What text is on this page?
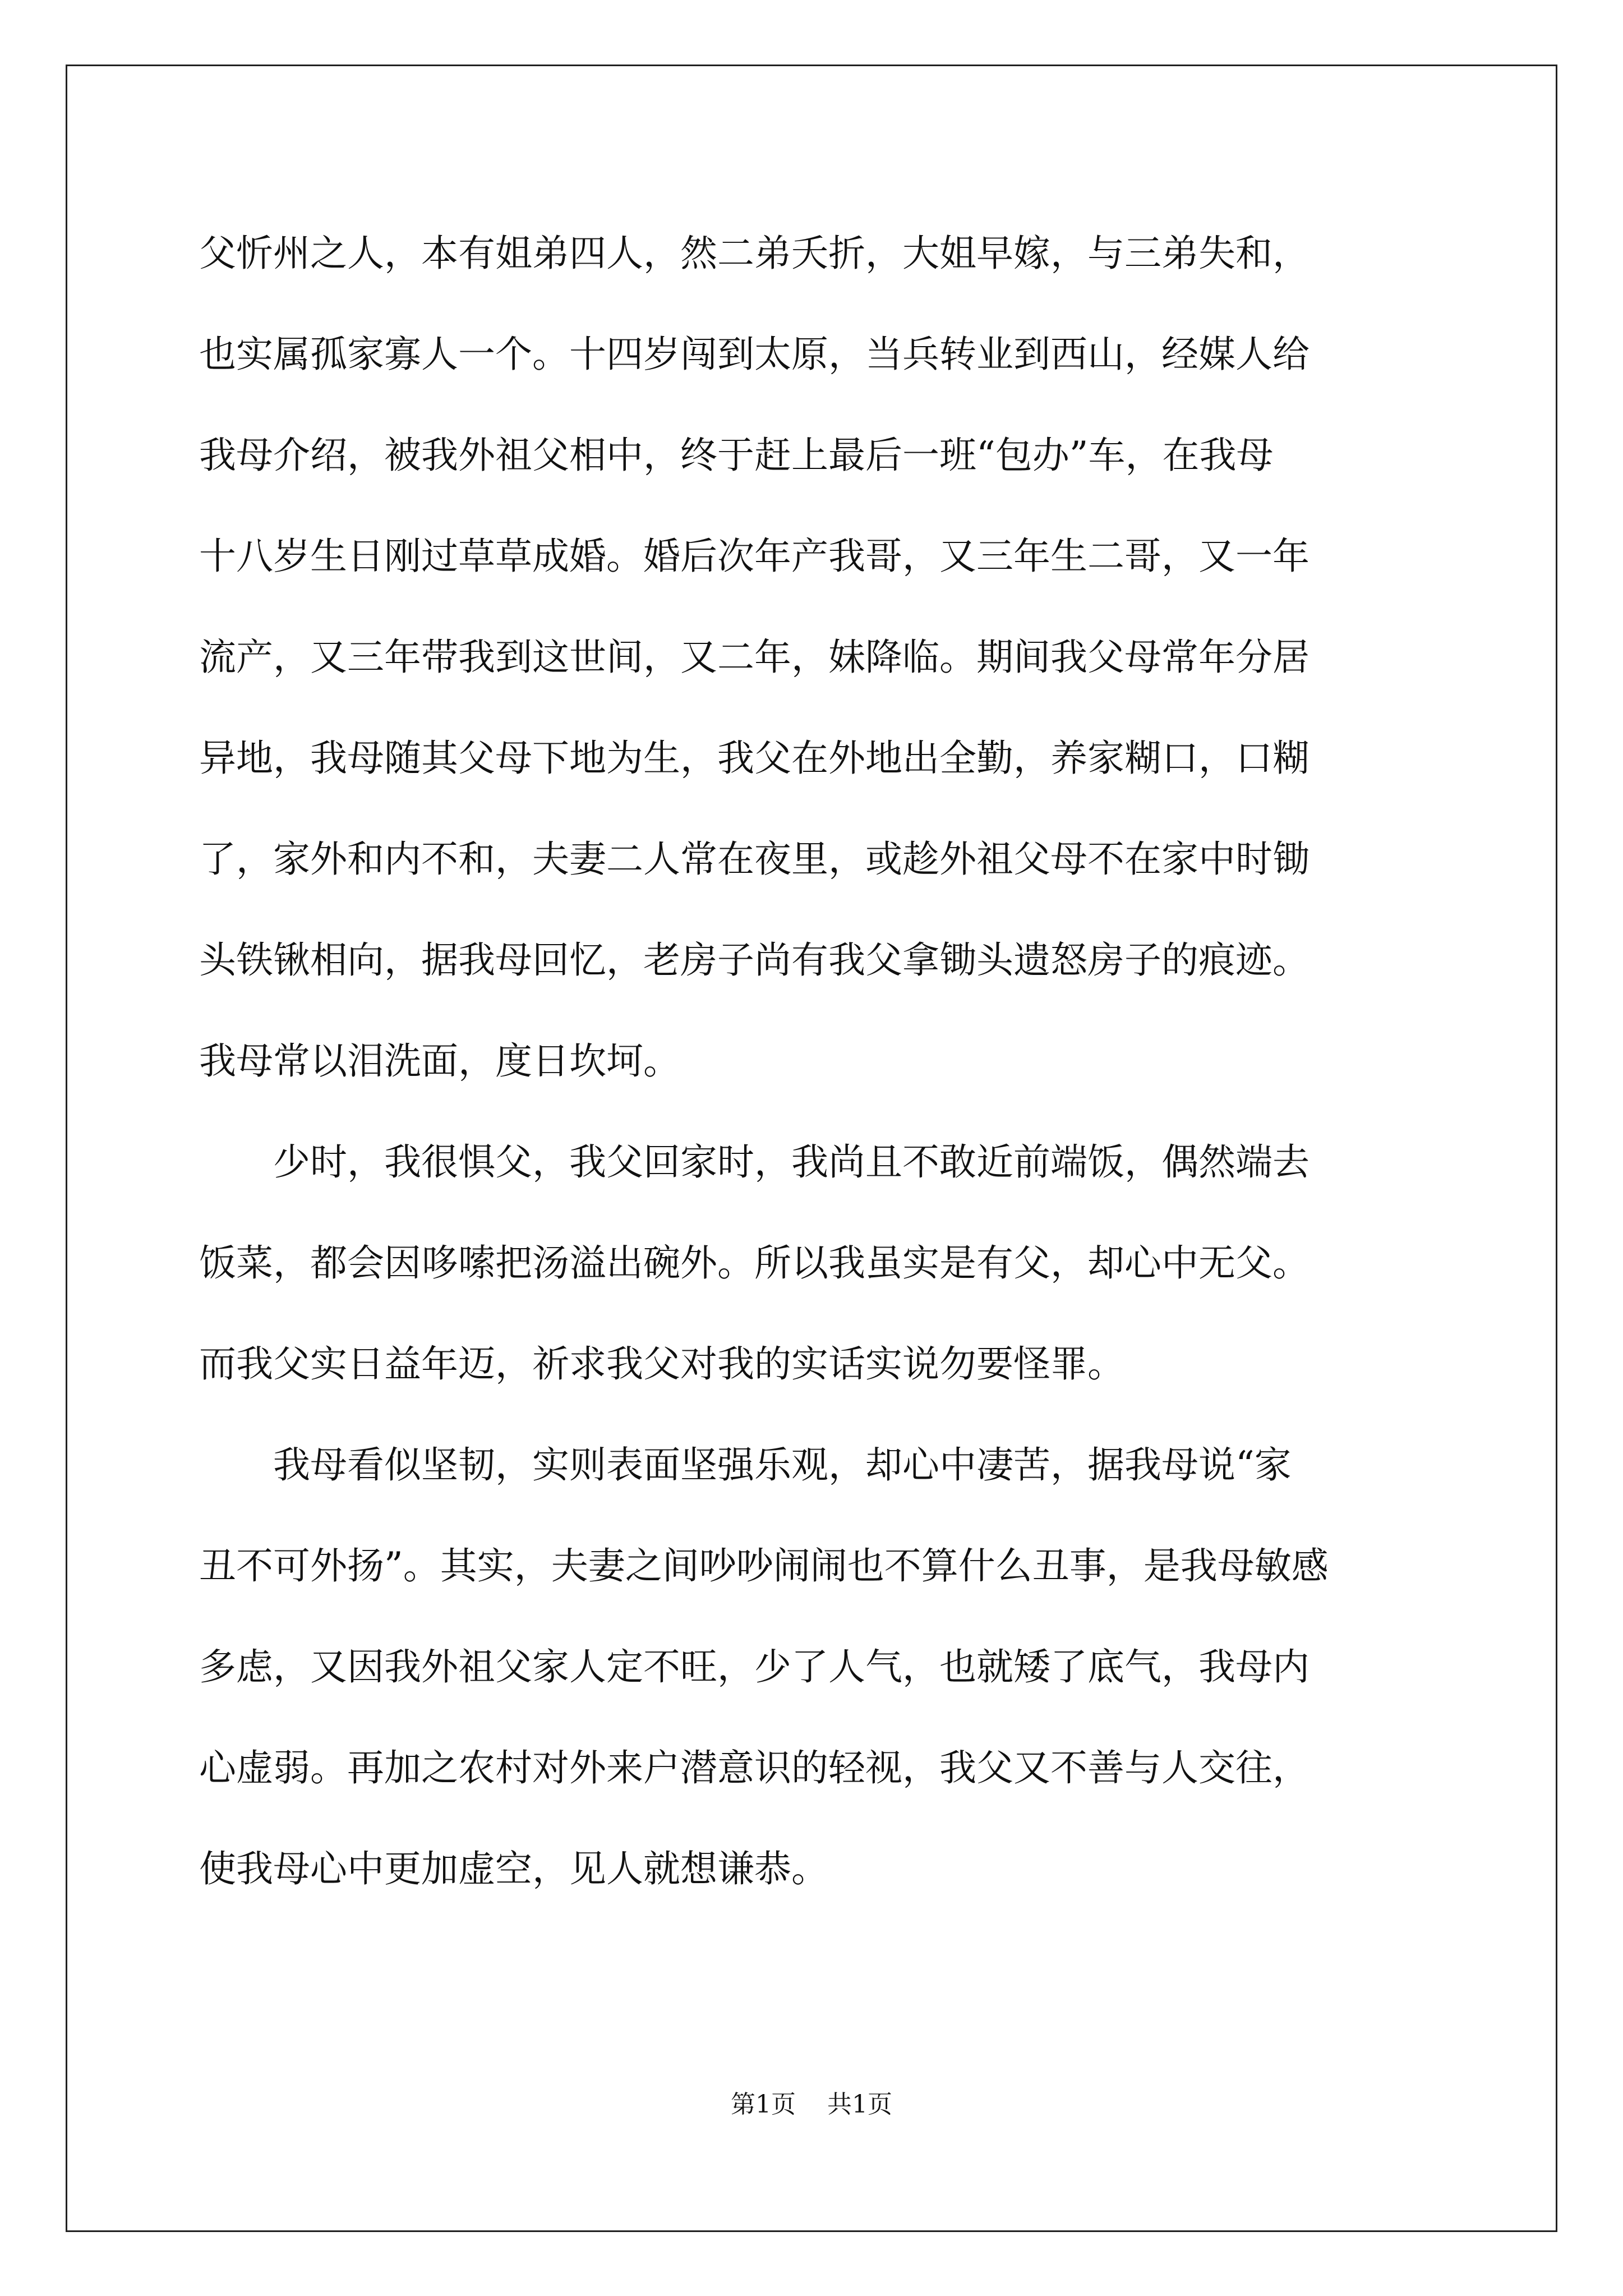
父忻州之人，本有姐弟四人，然二弟夭折，大姐早嫁，与三弟失和，
也实属孤家寡人一个。十四岁闯到太原，当兵转业到西山，经媒人给
我母介绍，被我外祖父相中，终于赶上最后一班“包办”车，在我母
十八岁生日刚过草草成婚。婚后次年产我哥，又三年生二哥，又一年
流产，又三年带我到这世间，又二年，妹降临。期间我父母常年分居
异地，我母随其父母下地为生，我父在外地出全勤，养家糊口，口糊
了，家外和内不和，夫妻二人常在夜里，或趁外祖父母不在家中时锄
头铁锹相向，据我母回忆，老房子尚有我父拿锄头遗怒房子的痕迹。
我母常以泪洗面，度日坎坷。
　　少时，我很惧父，我父回家时，我尚且不敢近前端饭，偶然端去
饭菜，都会因哆嗦把汤溢出碗外。所以我虽实是有父，却心中无父。
而我父实日益年迈，祈求我父对我的实话实说勿要怪罪。
　　我母看似坚韧，实则表面坚强乐观，却心中凄苦，据我母说“家
丑不可外扬”。其实，夫妻之间吵吵闹闹也不算什么丑事，是我母敏感
多虑，又因我外祖父家人定不旺，少了人气，也就矮了底气，我母内
心虚弱。再加之农村对外来户潜意识的轻视，我父又不善与人交往，
使我母心中更加虚空，见人就想谦恭。
第1页 共1页
